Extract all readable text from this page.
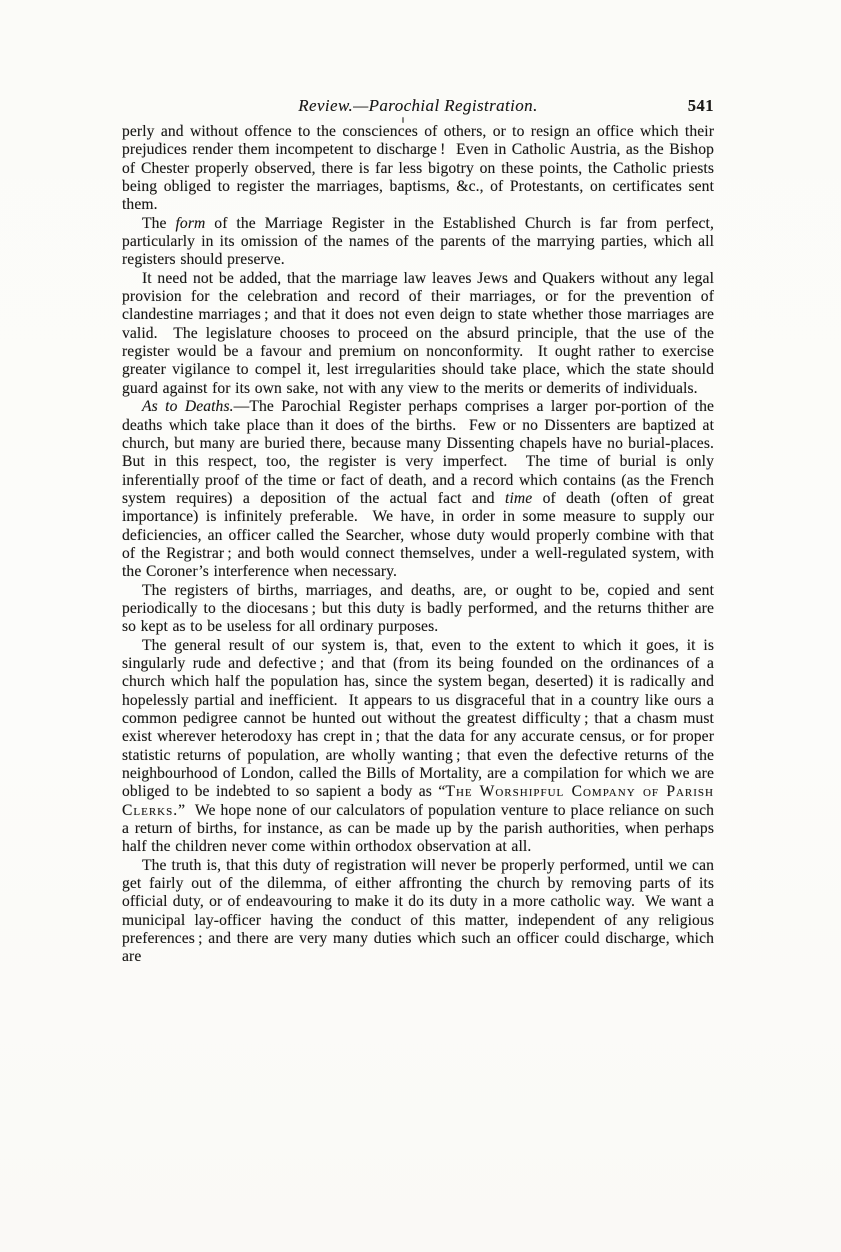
Review.—Parochial Registration.	541

perly and without offence to the consciences of others, or to resign an office which their prejudices render them incompetent to discharge !  Even in Catholic Austria, as the Bishop of Chester properly observed, there is far less bigotry on these points, the Catholic priests being obliged to register the marriages, baptisms, &c., of Protestants, on certificates sent them.

The form of the Marriage Register in the Established Church is far from perfect, particularly in its omission of the names of the parents of the marrying parties, which all registers should preserve.

It need not be added, that the marriage law leaves Jews and Quakers without any legal provision for the celebration and record of their marriages, or for the prevention of clandestine marriages ; and that it does not even deign to state whether those marriages are valid.  The legislature chooses to proceed on the absurd principle, that the use of the register would be a favour and premium on nonconformity.  It ought rather to exercise greater vigilance to compel it, lest irregularities should take place, which the state should guard against for its own sake, not with any view to the merits or demerits of individuals.

As to Deaths.—The Parochial Register perhaps comprises a larger por-portion of the deaths which take place than it does of the births.  Few or no Dissenters are baptized at church, but many are buried there, because many Dissenting chapels have no burial-places.  But in this respect, too, the register is very imperfect.  The time of burial is only inferentially proof of the time or fact of death, and a record which contains (as the French system requires) a deposition of the actual fact and time of death (often of great importance) is infinitely preferable.  We have, in order in some measure to supply our deficiencies, an officer called the Searcher, whose duty would properly combine with that of the Registrar ; and both would connect themselves, under a well-regulated system, with the Coroner’s interference when necessary.

The registers of births, marriages, and deaths, are, or ought to be, copied and sent periodically to the diocesans ; but this duty is badly performed, and the returns thither are so kept as to be useless for all ordinary purposes.

The general result of our system is, that, even to the extent to which it goes, it is singularly rude and defective ; and that (from its being founded on the ordinances of a church which half the population has, since the system began, deserted) it is radically and hopelessly partial and inefficient.  It appears to us disgraceful that in a country like ours a common pedigree cannot be hunted out without the greatest difficulty ; that a chasm must exist wherever heterodoxy has crept in ; that the data for any accurate census, or for proper statistic returns of population, are wholly wanting ; that even the defective returns of the neighbourhood of London, called the Bills of Mortality, are a compilation for which we are obliged to be indebted to so sapient a body as “The Worshipful Company of Parish Clerks.”  We hope none of our calculators of population venture to place reliance on such a return of births, for instance, as can be made up by the parish authorities, when perhaps half the children never come within orthodox observation at all.

The truth is, that this duty of registration will never be properly performed, until we can get fairly out of the dilemma, of either affronting the church by removing parts of its official duty, or of endeavouring to make it do its duty in a more catholic way.  We want a municipal lay-officer having the conduct of this matter, independent of any religious preferences ; and there are very many duties which such an officer could discharge, which are
